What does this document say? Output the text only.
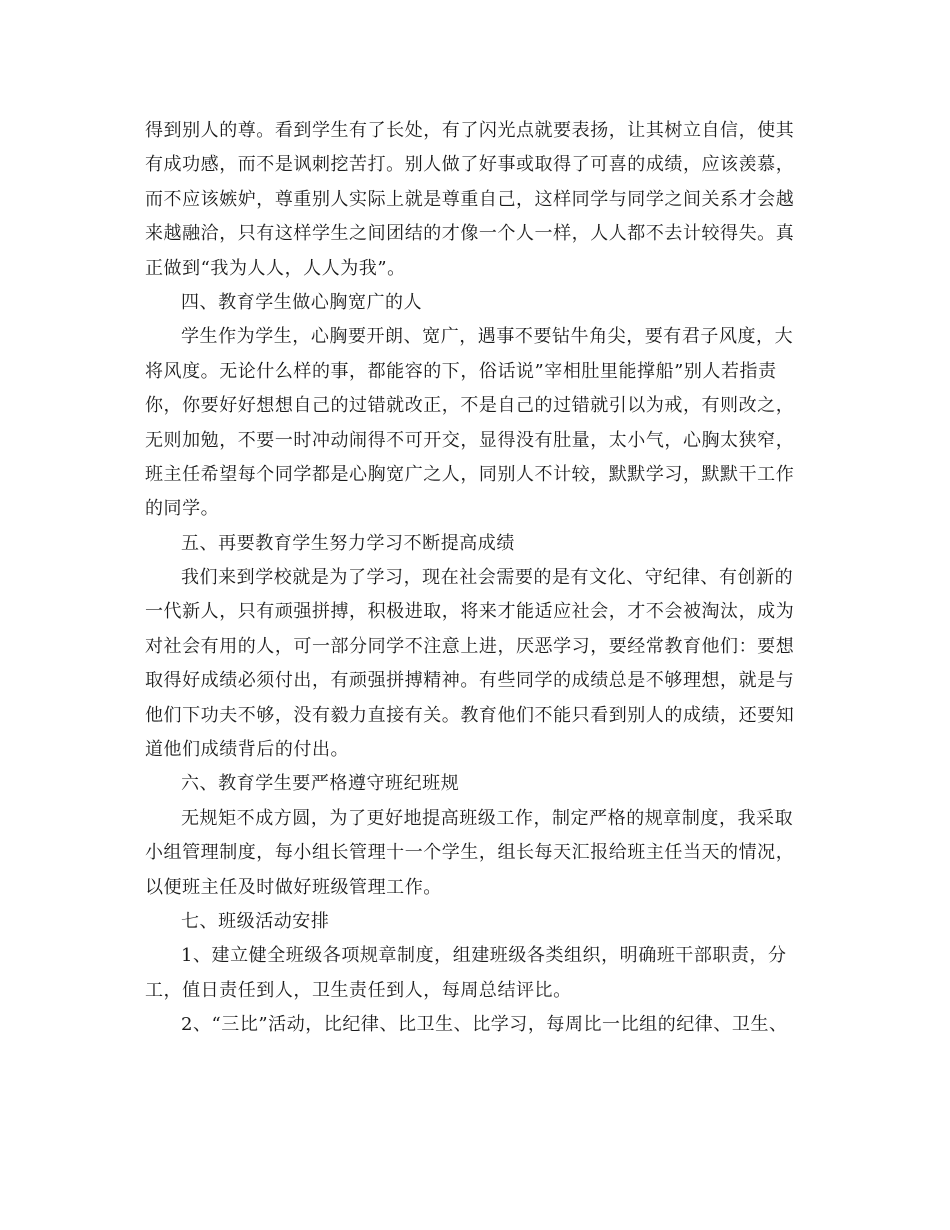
得到别人的尊。看到学生有了长处，有了闪光点就要表扬，让其树立自信，使其
有成功感，而不是讽刺挖苦打。别人做了好事或取得了可喜的成绩，应该羡慕，
而不应该嫉妒，尊重别人实际上就是尊重自己，这样同学与同学之间关系才会越
来越融洽，只有这样学生之间团结的才像一个人一样，人人都不去计较得失。真
正做到“我为人人，人人为我”。
四、教育学生做心胸宽广的人
学生作为学生，心胸要开朗、宽广，遇事不要钻牛角尖，要有君子风度，大
将风度。无论什么样的事，都能容的下，俗话说”宰相肚里能撑船”别人若指责
你，你要好好想想自己的过错就改正，不是自己的过错就引以为戒，有则改之，
无则加勉，不要一时冲动闹得不可开交，显得没有肚量，太小气，心胸太狭窄，
班主任希望每个同学都是心胸宽广之人，同别人不计较，默默学习，默默干工作
的同学。
五、再要教育学生努力学习不断提高成绩
我们来到学校就是为了学习，现在社会需要的是有文化、守纪律、有创新的
一代新人，只有顽强拼搏，积极进取，将来才能适应社会，才不会被淘汰，成为
对社会有用的人，可一部分同学不注意上进，厌恶学习，要经常教育他们：要想
取得好成绩必须付出，有顽强拼搏精神。有些同学的成绩总是不够理想，就是与
他们下功夫不够，没有毅力直接有关。教育他们不能只看到别人的成绩，还要知
道他们成绩背后的付出。
六、教育学生要严格遵守班纪班规
无规矩不成方圆，为了更好地提高班级工作，制定严格的规章制度，我采取
小组管理制度，每小组长管理十一个学生，组长每天汇报给班主任当天的情况，
以便班主任及时做好班级管理工作。
七、班级活动安排
1、建立健全班级各项规章制度，组建班级各类组织，明确班干部职责，分
工，值日责任到人，卫生责任到人，每周总结评比。
2、“三比”活动，比纪律、比卫生、比学习，每周比一比组的纪律、卫生、
